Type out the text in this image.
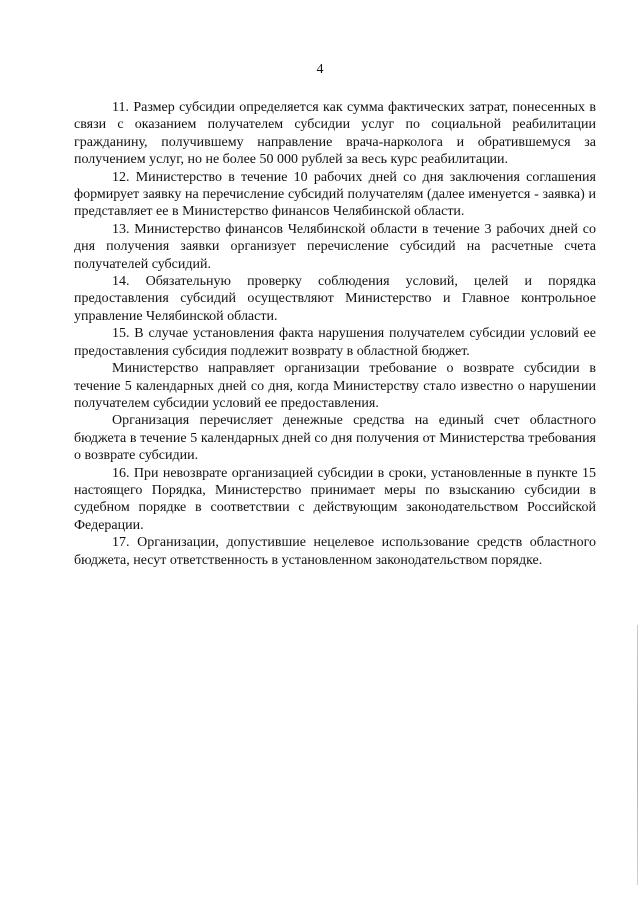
4

11. Размер субсидии определяется как сумма фактических затрат, понесенных в связи с оказанием получателем субсидии услуг по социальной реабилитации гражданину, получившему направление врача-нарколога и обратившемуся за получением услуг, но не более 50 000 рублей за весь курс реабилитации.

12. Министерство в течение 10 рабочих дней со дня заключения соглашения формирует заявку на перечисление субсидий получателям (далее именуется - заявка) и представляет ее в Министерство финансов Челябинской области.

13. Министерство финансов Челябинской области в течение 3 рабочих дней со дня получения заявки организует перечисление субсидий на расчетные счета получателей субсидий.

14. Обязательную проверку соблюдения условий, целей и порядка предоставления субсидий осуществляют Министерство и Главное контрольное управление Челябинской области.

15. В случае установления факта нарушения получателем субсидии условий ее предоставления субсидия подлежит возврату в областной бюджет.

Министерство направляет организации требование о возврате субсидии в течение 5 календарных дней со дня, когда Министерству стало известно о нарушении получателем субсидии условий ее предоставления.

Организация перечисляет денежные средства на единый счет областного бюджета в течение 5 календарных дней со дня получения от Министерства требования о возврате субсидии.

16. При невозврате организацией субсидии в сроки, установленные в пункте 15 настоящего Порядка, Министерство принимает меры по взысканию субсидии в судебном порядке в соответствии с действующим законодательством Российской Федерации.

17. Организации, допустившие нецелевое использование средств областного бюджета, несут ответственность в установленном законодательством порядке.
